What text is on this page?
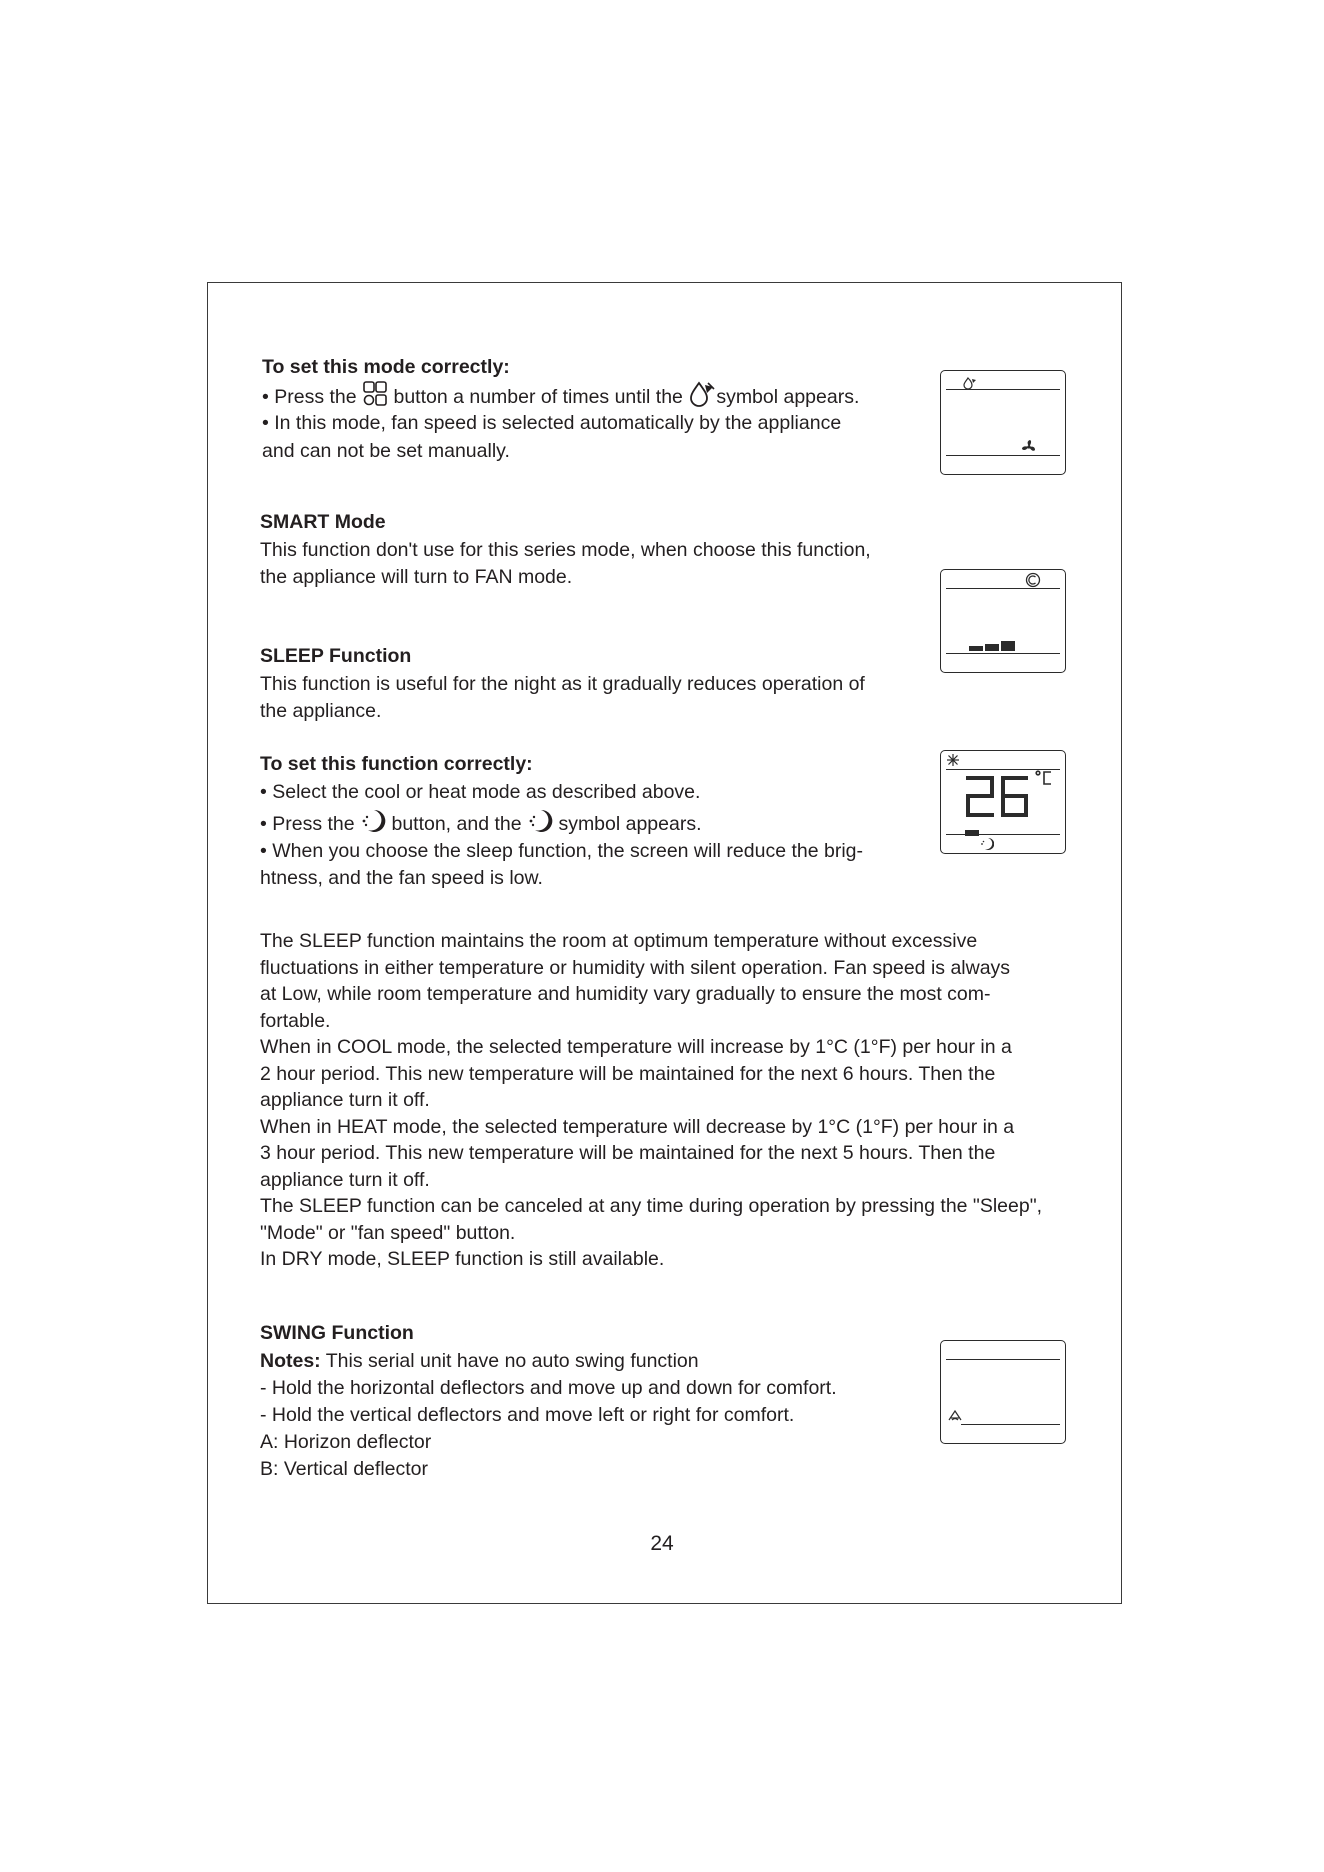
To set this mode correctly:
• Press the button a number of times until the symbol appears.
• In this mode, fan speed is selected automatically by the appliance
and can not be set manually.
SMART Mode
This function don't use for this series mode, when choose this function,
the appliance will turn to FAN mode.
SLEEP Function
This function is useful for the night as it gradually reduces operation of
the appliance.
To set this function correctly:
• Select the cool or heat mode as described above.
• Press the button, and the symbol appears.
• When you choose the sleep function, the screen will reduce the brig-
htness, and the fan speed is low.
The SLEEP function maintains the room at optimum temperature without excessive
fluctuations in either temperature or humidity with silent operation. Fan speed is always
at Low, while room temperature and humidity vary gradually to ensure the most com-
fortable.
When in COOL mode, the selected temperature will increase by 1°C (1°F) per hour in a
2 hour period. This new temperature will be maintained for the next 6 hours. Then the
appliance turn it off.
When in HEAT mode, the selected temperature will decrease by 1°C (1°F) per hour in a
3 hour period. This new temperature will be maintained for the next 5 hours. Then the
appliance turn it off.
The SLEEP function can be canceled at any time during operation by pressing the "Sleep",
"Mode" or "fan speed" button.
In DRY mode, SLEEP function is still available.
SWING Function
Notes: This serial unit have no auto swing function
- Hold the horizontal deflectors and move up and down for comfort.
- Hold the vertical deflectors and move left or right for comfort.
A: Horizon deflector
B: Vertical deflector
24
